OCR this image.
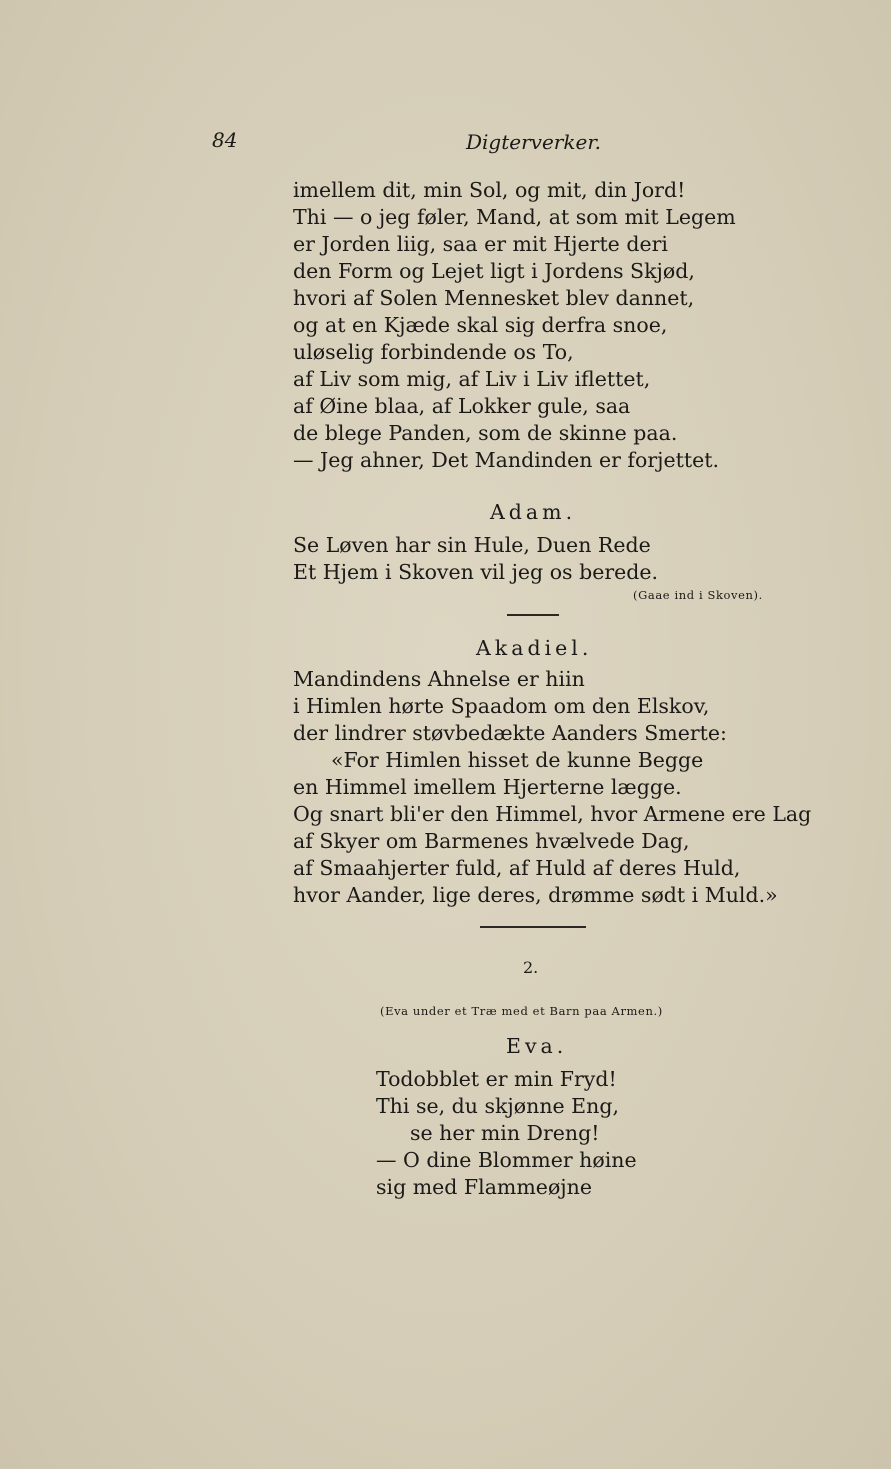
84	Digterverker.
imellem dit, min Sol, og mit, din Jord!
Thi — o jeg føler, Mand, at som mit Legem
er Jorden liig, saa er mit Hjerte deri
den Form og Lejet ligt i Jordens Skjød,
hvori af Solen Mennesket blev dannet,
og at en Kjæde skal sig derfra snoe,
uløselig forbindende os To,
af Liv som mig, af Liv i Liv iflettet,
af Øine blaa, af Lokker gule, saa
de blege Panden, som de skinne paa.
— Jeg ahner, Det Mandinden er forjettet.
Adam.
Se Løven har sin Hule, Duen Rede
Et Hjem i Skoven vil jeg os berede.
(Gaae ind i Skoven).
Akadiel.
Mandindens Ahnelse er hiin
i Himlen hørte Spaadom om den Elskov,
der lindrer støvbedækte Aanders Smerte:
«For Himlen hisset de kunne Begge
en Himmel imellem Hjerterne lægge.
Og snart bli'er den Himmel, hvor Armene ere Lag
af Skyer om Barmenes hvælvede Dag,
af Smaahjerter fuld, af Huld af deres Huld,
hvor Aander, lige deres, drømme sødt i Muld.»
2.
(Eva under et Træ med et Barn paa Armen.)
Eva.
Todobblet er min Fryd!
Thi se, du skjønne Eng,
se her min Dreng!
— O dine Blommer høine
sig med Flammeøjne
